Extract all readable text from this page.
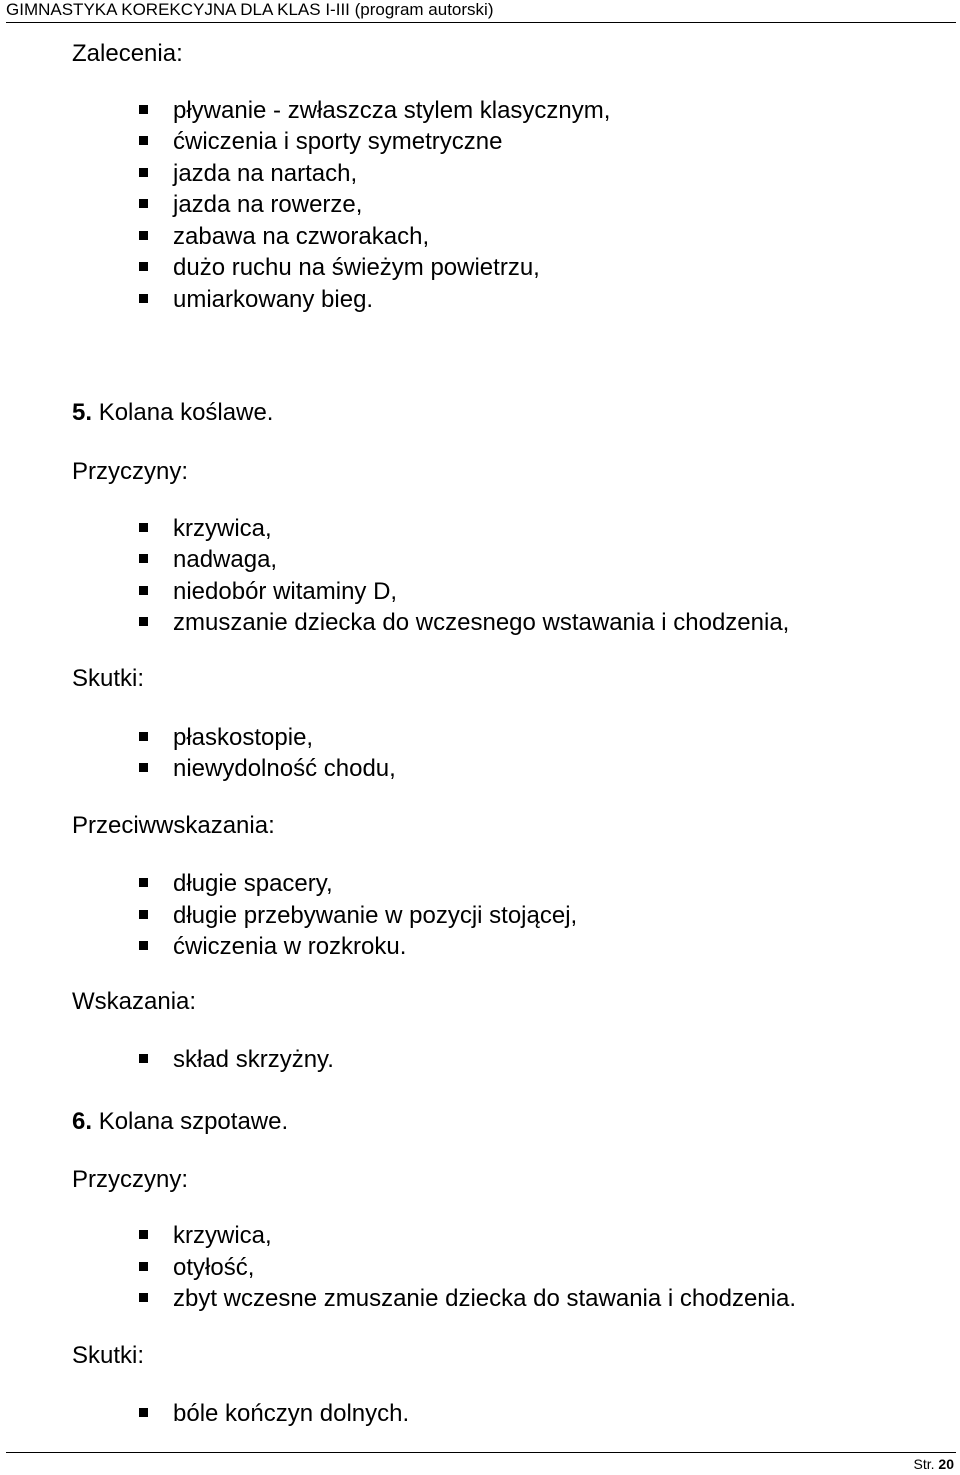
GIMNASTYKA KOREKCYJNA DLA KLAS I-III (program autorski)
Zalecenia:
pływanie - zwłaszcza stylem klasycznym,
ćwiczenia i sporty symetryczne
jazda na nartach,
jazda na rowerze,
zabawa na czworakach,
dużo ruchu na świeżym powietrzu,
umiarkowany bieg.
5. Kolana koślawe.
Przyczyny:
krzywica,
nadwaga,
niedobór witaminy D,
zmuszanie dziecka do wczesnego wstawania i chodzenia,
Skutki:
płaskostopie,
niewydolność chodu,
Przeciwwskazania:
długie spacery,
długie przebywanie w pozycji stojącej,
ćwiczenia w rozkroku.
Wskazania:
skład skrzyżny.
6. Kolana szpotawe.
Przyczyny:
krzywica,
otyłość,
zbyt wczesne zmuszanie dziecka do stawania i chodzenia.
Skutki:
bóle kończyn dolnych.
Str. 20
